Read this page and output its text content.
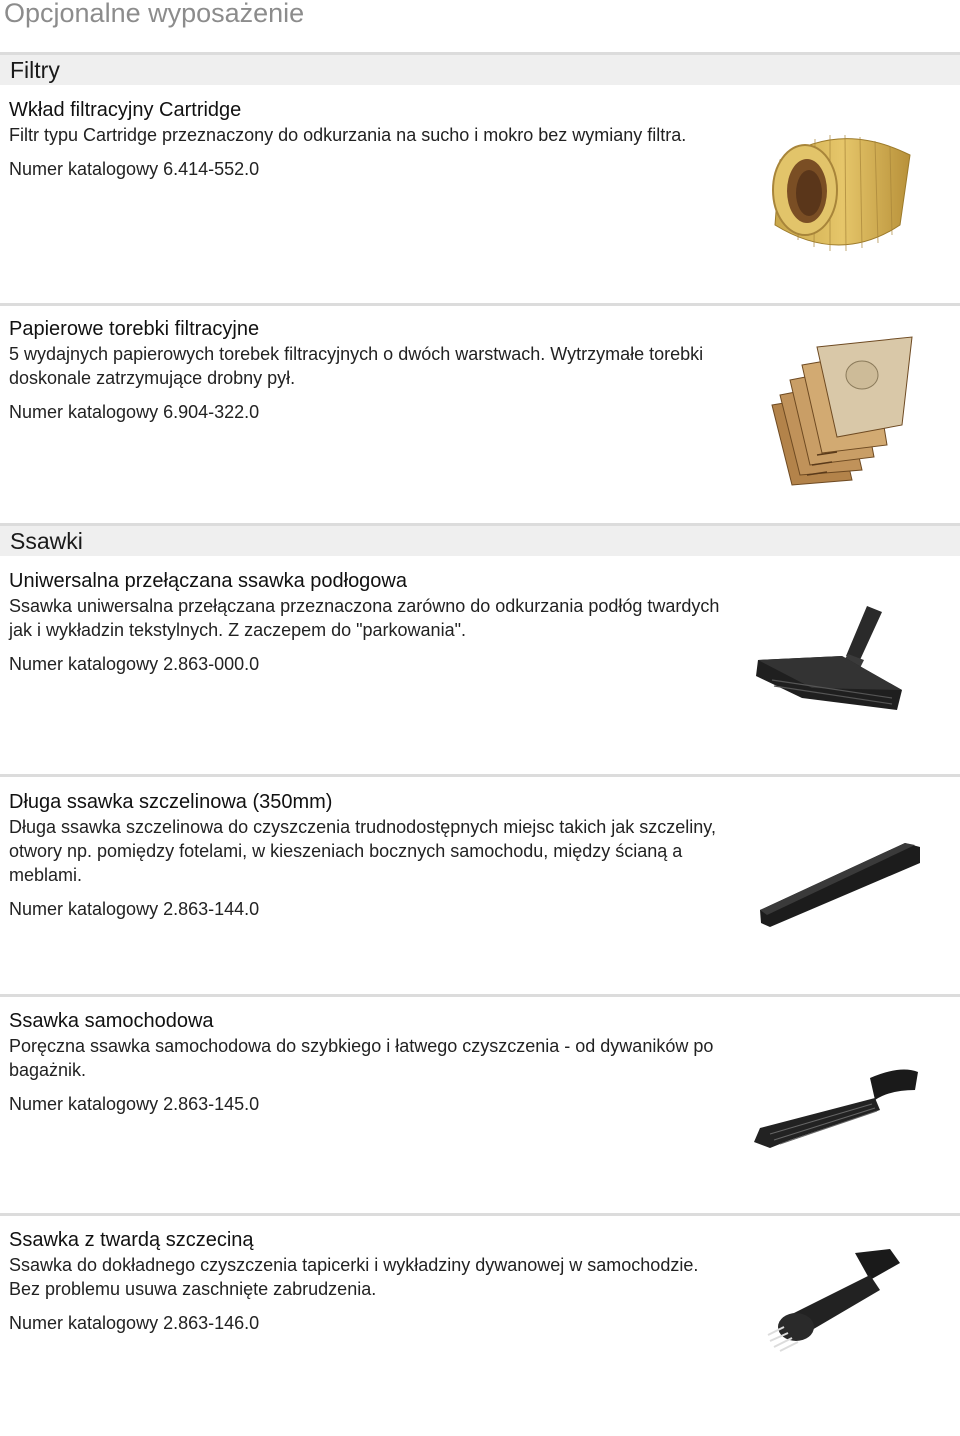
Opcjonalne wyposażenie
Filtry
Wkład filtracyjny Cartridge

Filtr typu Cartridge przeznaczony do odkurzania na sucho i mokro bez wymiany filtra.

Numer katalogowy 6.414-552.0
Papierowe torebki filtracyjne

5 wydajnych papierowych torebek filtracyjnych o dwóch warstwach. Wytrzymałe torebki doskonale zatrzymujące drobny pył.

Numer katalogowy 6.904-322.0
Ssawki
Uniwersalna przełączana ssawka podłogowa

Ssawka uniwersalna przełączana przeznaczona zarówno do odkurzania podłóg twardych jak i wykładzin tekstylnych. Z zaczepem do "parkowania".

Numer katalogowy 2.863-000.0
Długa ssawka szczelinowa (350mm)

Długa ssawka szczelinowa do czyszczenia trudnodostępnych miejsc takich jak szczeliny, otwory np. pomiędzy fotelami, w kieszeniach bocznych samochodu, między ścianą a meblami.

Numer katalogowy 2.863-144.0
Ssawka samochodowa

Poręczna ssawka samochodowa do szybkiego i łatwego czyszczenia - od dywaników po bagażnik.

Numer katalogowy 2.863-145.0
Ssawka z twardą szczeciną

Ssawka do dokładnego czyszczenia tapicerki i wykładziny dywanowej w samochodzie. Bez problemu usuwa zaschnięte zabrudzenia.

Numer katalogowy 2.863-146.0
